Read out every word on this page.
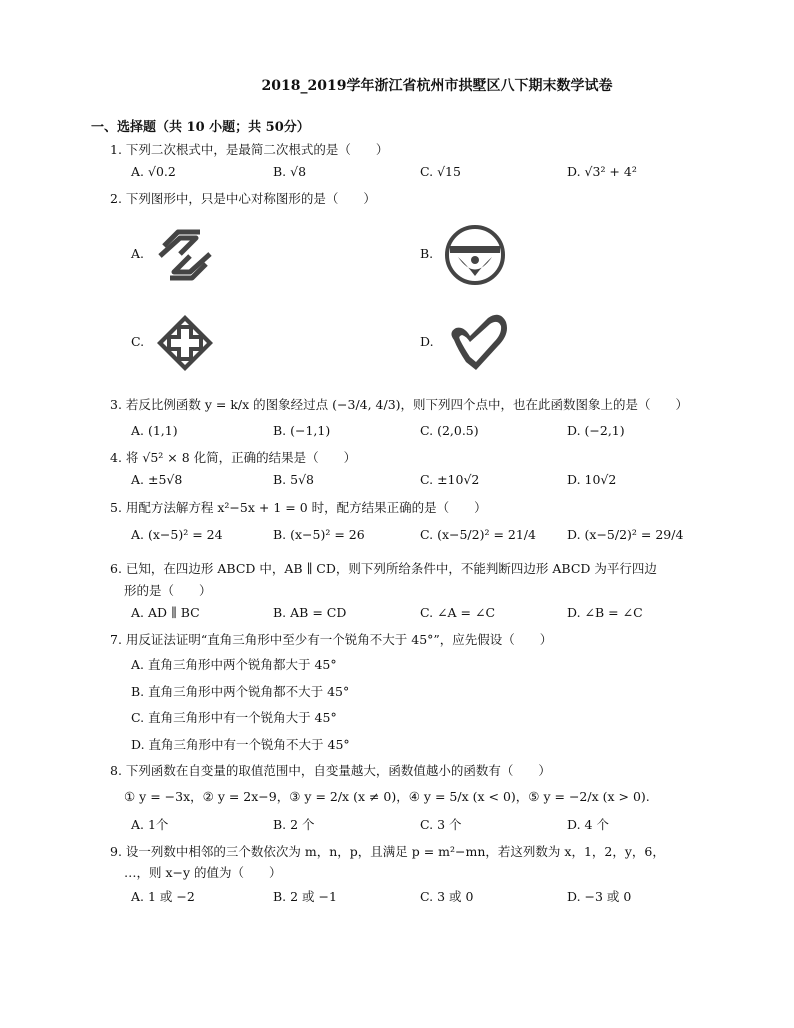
2018_2019学年浙江省杭州市拱墅区八下期末数学试卷
一、选择题（共 10 小题；共 50分）
1. 下列二次根式中，是最简二次根式的是（　　）
A. √0.2	B. √8	C. √15	D. √3² + 4²
2. 下列图形中，只是中心对称图形的是（　　）
A.	B.
C.	D.
3. 若反比例函数 y = k/x 的图象经过点 (−3/4, 4/3)，则下列四个点中，也在此函数图象上的是（　　）
A. (1,1)	B. (−1,1)	C. (2,0.5)	D. (−2,1)
4. 将 √5² × 8 化简，正确的结果是（　　）
A. ±5√8	B. 5√8	C. ±10√2	D. 10√2
5. 用配方法解方程 x²−5x + 1 = 0 时，配方结果正确的是（　　）
A. (x−5)² = 24	B. (x−5)² = 26	C. (x−5/2)² = 21/4 D. (x−5/2)² = 29/4
6. 已知，在四边形 ABCD 中，AB ∥ CD，则下列所给条件中，不能判断四边形 ABCD 为平行四边
形的是（　　）
A. AD ∥ BC	B. AB = CD	C. ∠A = ∠C	D. ∠B = ∠C
7. 用反证法证明“直角三角形中至少有一个锐角不大于 45°”，应先假设（　　）
A. 直角三角形中两个锐角都大于 45°
B. 直角三角形中两个锐角都不大于 45°
C. 直角三角形中有一个锐角大于 45°
D. 直角三角形中有一个锐角不大于 45°
8. 下列函数在自变量的取值范围中，自变量越大，函数值越小的函数有（　　）
① y = −3x，② y = 2x−9，③ y = 2/x (x ≠ 0)，④ y = 5/x (x < 0)，⑤ y = −2/x (x > 0).
A. 1个	B. 2 个	C. 3 个	D. 4 个
9. 设一列数中相邻的三个数依次为 m，n，p，且满足 p = m²−mn，若这列数为 x，1，2，y，6，
…，则 x−y 的值为（　　）
A. 1 或 −2	B. 2 或 −1	C. 3 或 0	D. −3 或 0
